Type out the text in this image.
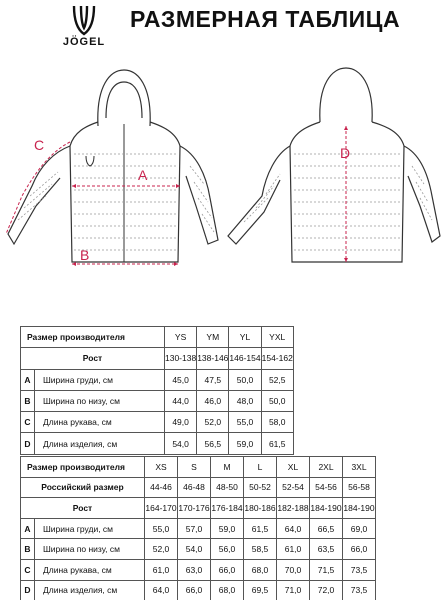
JÖGEL
РАЗМЕРНАЯ ТАБЛИЦА
A
B
C	D
Размер производителя		YS	YM	YL	YXL
Рост		130-138	138-146	146-154	154-162
A	Ширина груди, см	45,0	47,5	50,0	52,5
B	Ширина по низу, см	44,0	46,0	48,0	50,0
C	Длина рукава, см	49,0	52,0	55,0	58,0
D	Длина изделия, см	54,0	56,5	59,0	61,5
Размер производителя		XS	S	M	L	XL	2XL	3XL
Российский размер		44-46	46-48	48-50	50-52	52-54	54-56	56-58
Рост		164-170	170-176	176-184	180-186	182-188	184-190	184-190
A	Ширина груди, см	55,0	57,0	59,0	61,5	64,0	66,5	69,0
B	Ширина по низу, см	52,0	54,0	56,0	58,5	61,0	63,5	66,0
C	Длина рукава, см	61,0	63,0	66,0	68,0	70,0	71,5	73,5
D	Длина изделия, см	64,0	66,0	68,0	69,5	71,0	72,0	73,5
